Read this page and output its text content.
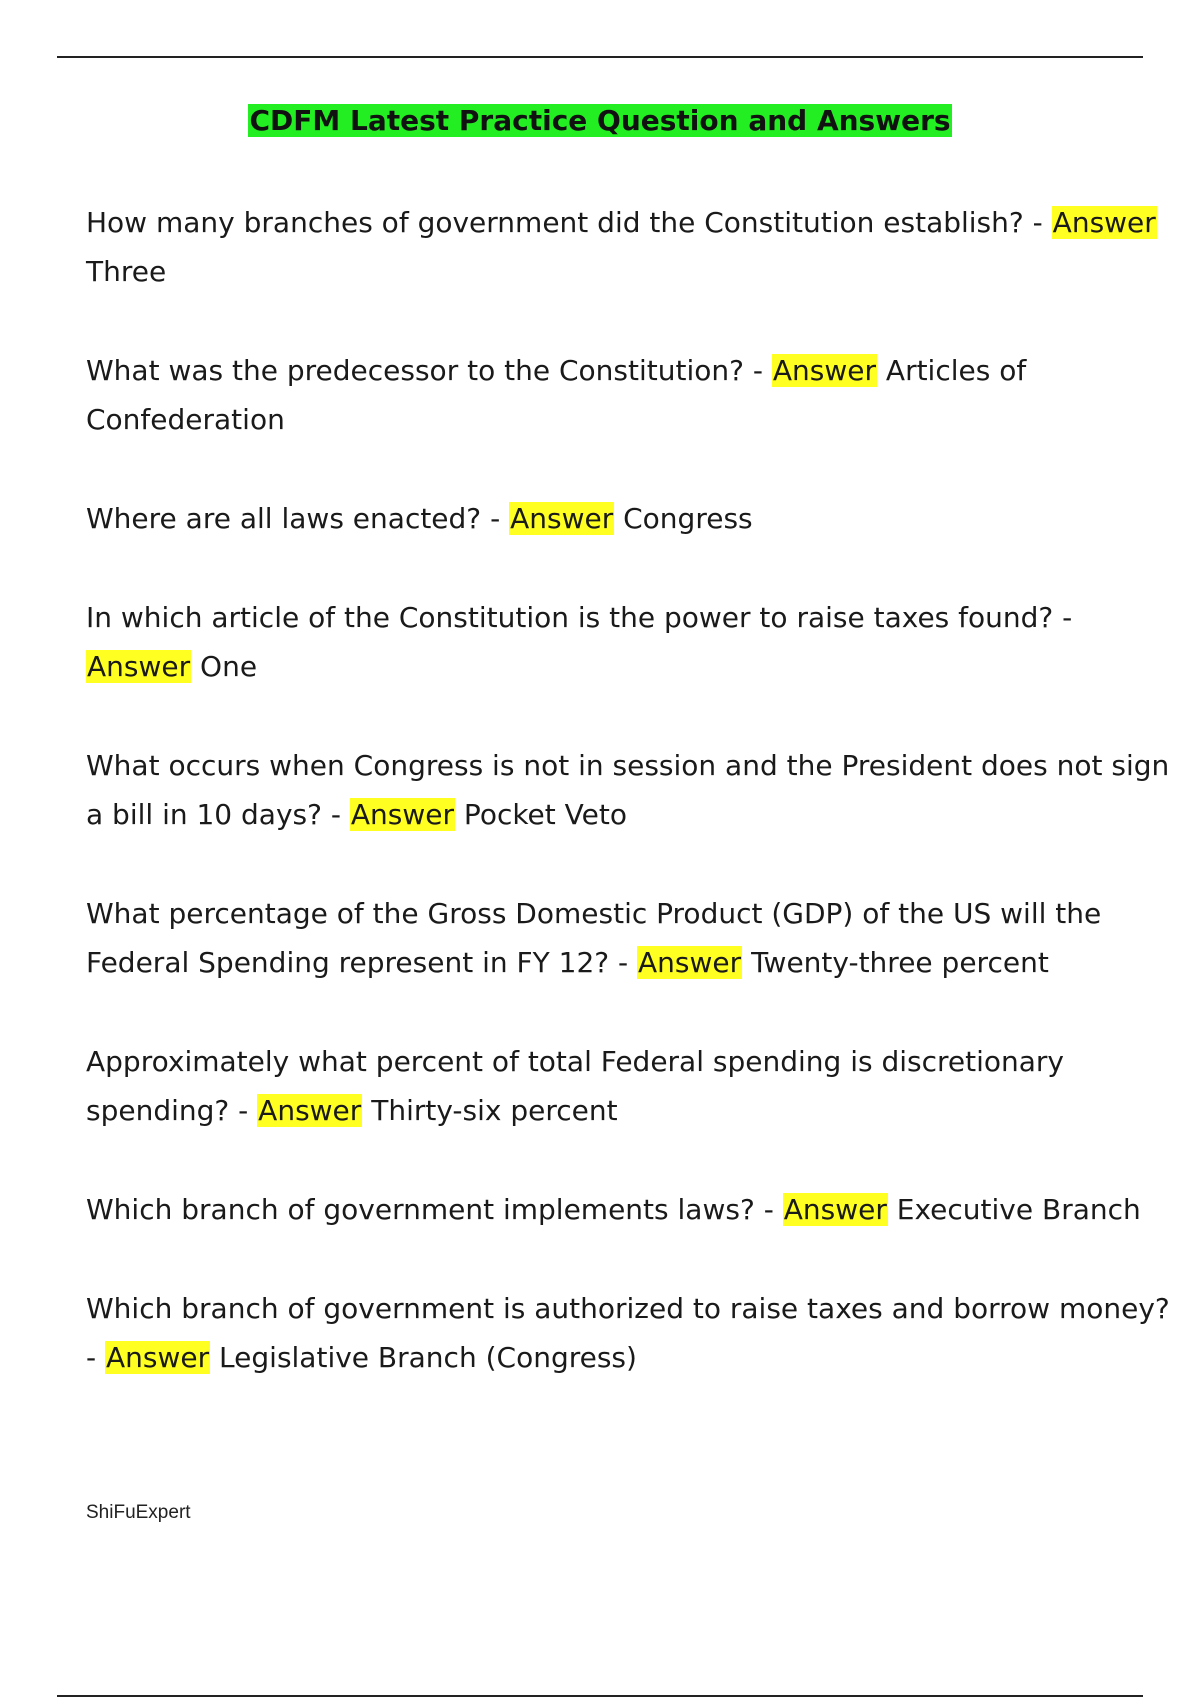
CDFM Latest Practice Question and Answers

How many branches of government did the Constitution establish? - Answer Three

What was the predecessor to the Constitution? - Answer Articles of Confederation

Where are all laws enacted? - Answer Congress

In which article of the Constitution is the power to raise taxes found? - Answer One

What occurs when Congress is not in session and the President does not sign a bill in 10 days? - Answer Pocket Veto

What percentage of the Gross Domestic Product (GDP) of the US will the Federal Spending represent in FY 12? - Answer Twenty-three percent

Approximately what percent of total Federal spending is discretionary spending? - Answer Thirty-six percent

Which branch of government implements laws? - Answer Executive Branch

Which branch of government is authorized to raise taxes and borrow money? - Answer Legislative Branch (Congress)

ShiFuExpert
